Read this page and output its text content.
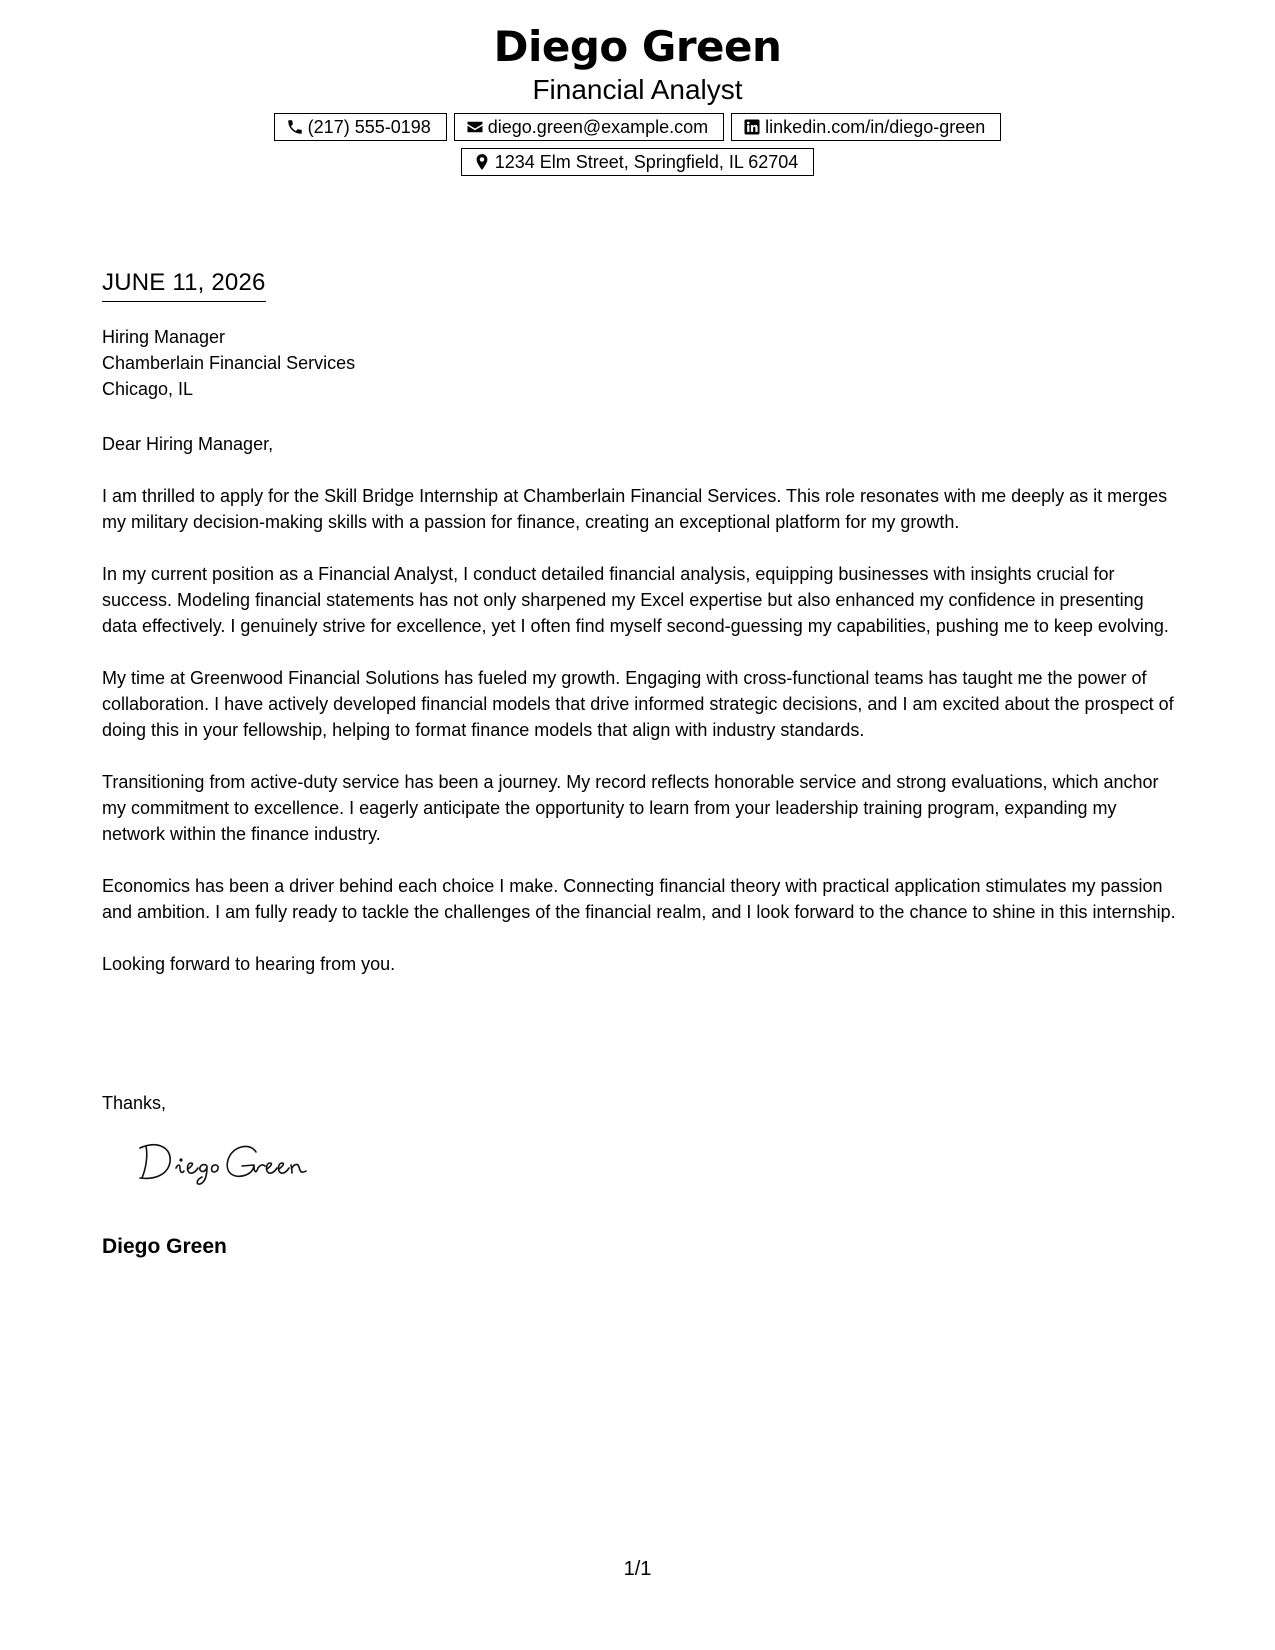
Diego Green
Financial Analyst
(217) 555-0198	diego.green@example.com	linkedin.com/in/diego-green
1234 Elm Street, Springfield, IL 62704
JUNE 11, 2026
Hiring Manager
Chamberlain Financial Services
Chicago, IL

Dear Hiring Manager,

I am thrilled to apply for the Skill Bridge Internship at Chamberlain Financial Services. This role resonates with me deeply as it merges my military decision-making skills with a passion for finance, creating an exceptional platform for my growth.

In my current position as a Financial Analyst, I conduct detailed financial analysis, equipping businesses with insights crucial for success. Modeling financial statements has not only sharpened my Excel expertise but also enhanced my confidence in presenting data effectively. I genuinely strive for excellence, yet I often find myself second-guessing my capabilities, pushing me to keep evolving.

My time at Greenwood Financial Solutions has fueled my growth. Engaging with cross-functional teams has taught me the power of collaboration. I have actively developed financial models that drive informed strategic decisions, and I am excited about the prospect of doing this in your fellowship, helping to format finance models that align with industry standards.

Transitioning from active-duty service has been a journey. My record reflects honorable service and strong evaluations, which anchor my commitment to excellence. I eagerly anticipate the opportunity to learn from your leadership training program, expanding my network within the finance industry.

Economics has been a driver behind each choice I make. Connecting financial theory with practical application stimulates my passion and ambition. I am fully ready to tackle the challenges of the financial realm, and I look forward to the chance to shine in this internship.

Looking forward to hearing from you.

Thanks,
Diego Green
1/1
